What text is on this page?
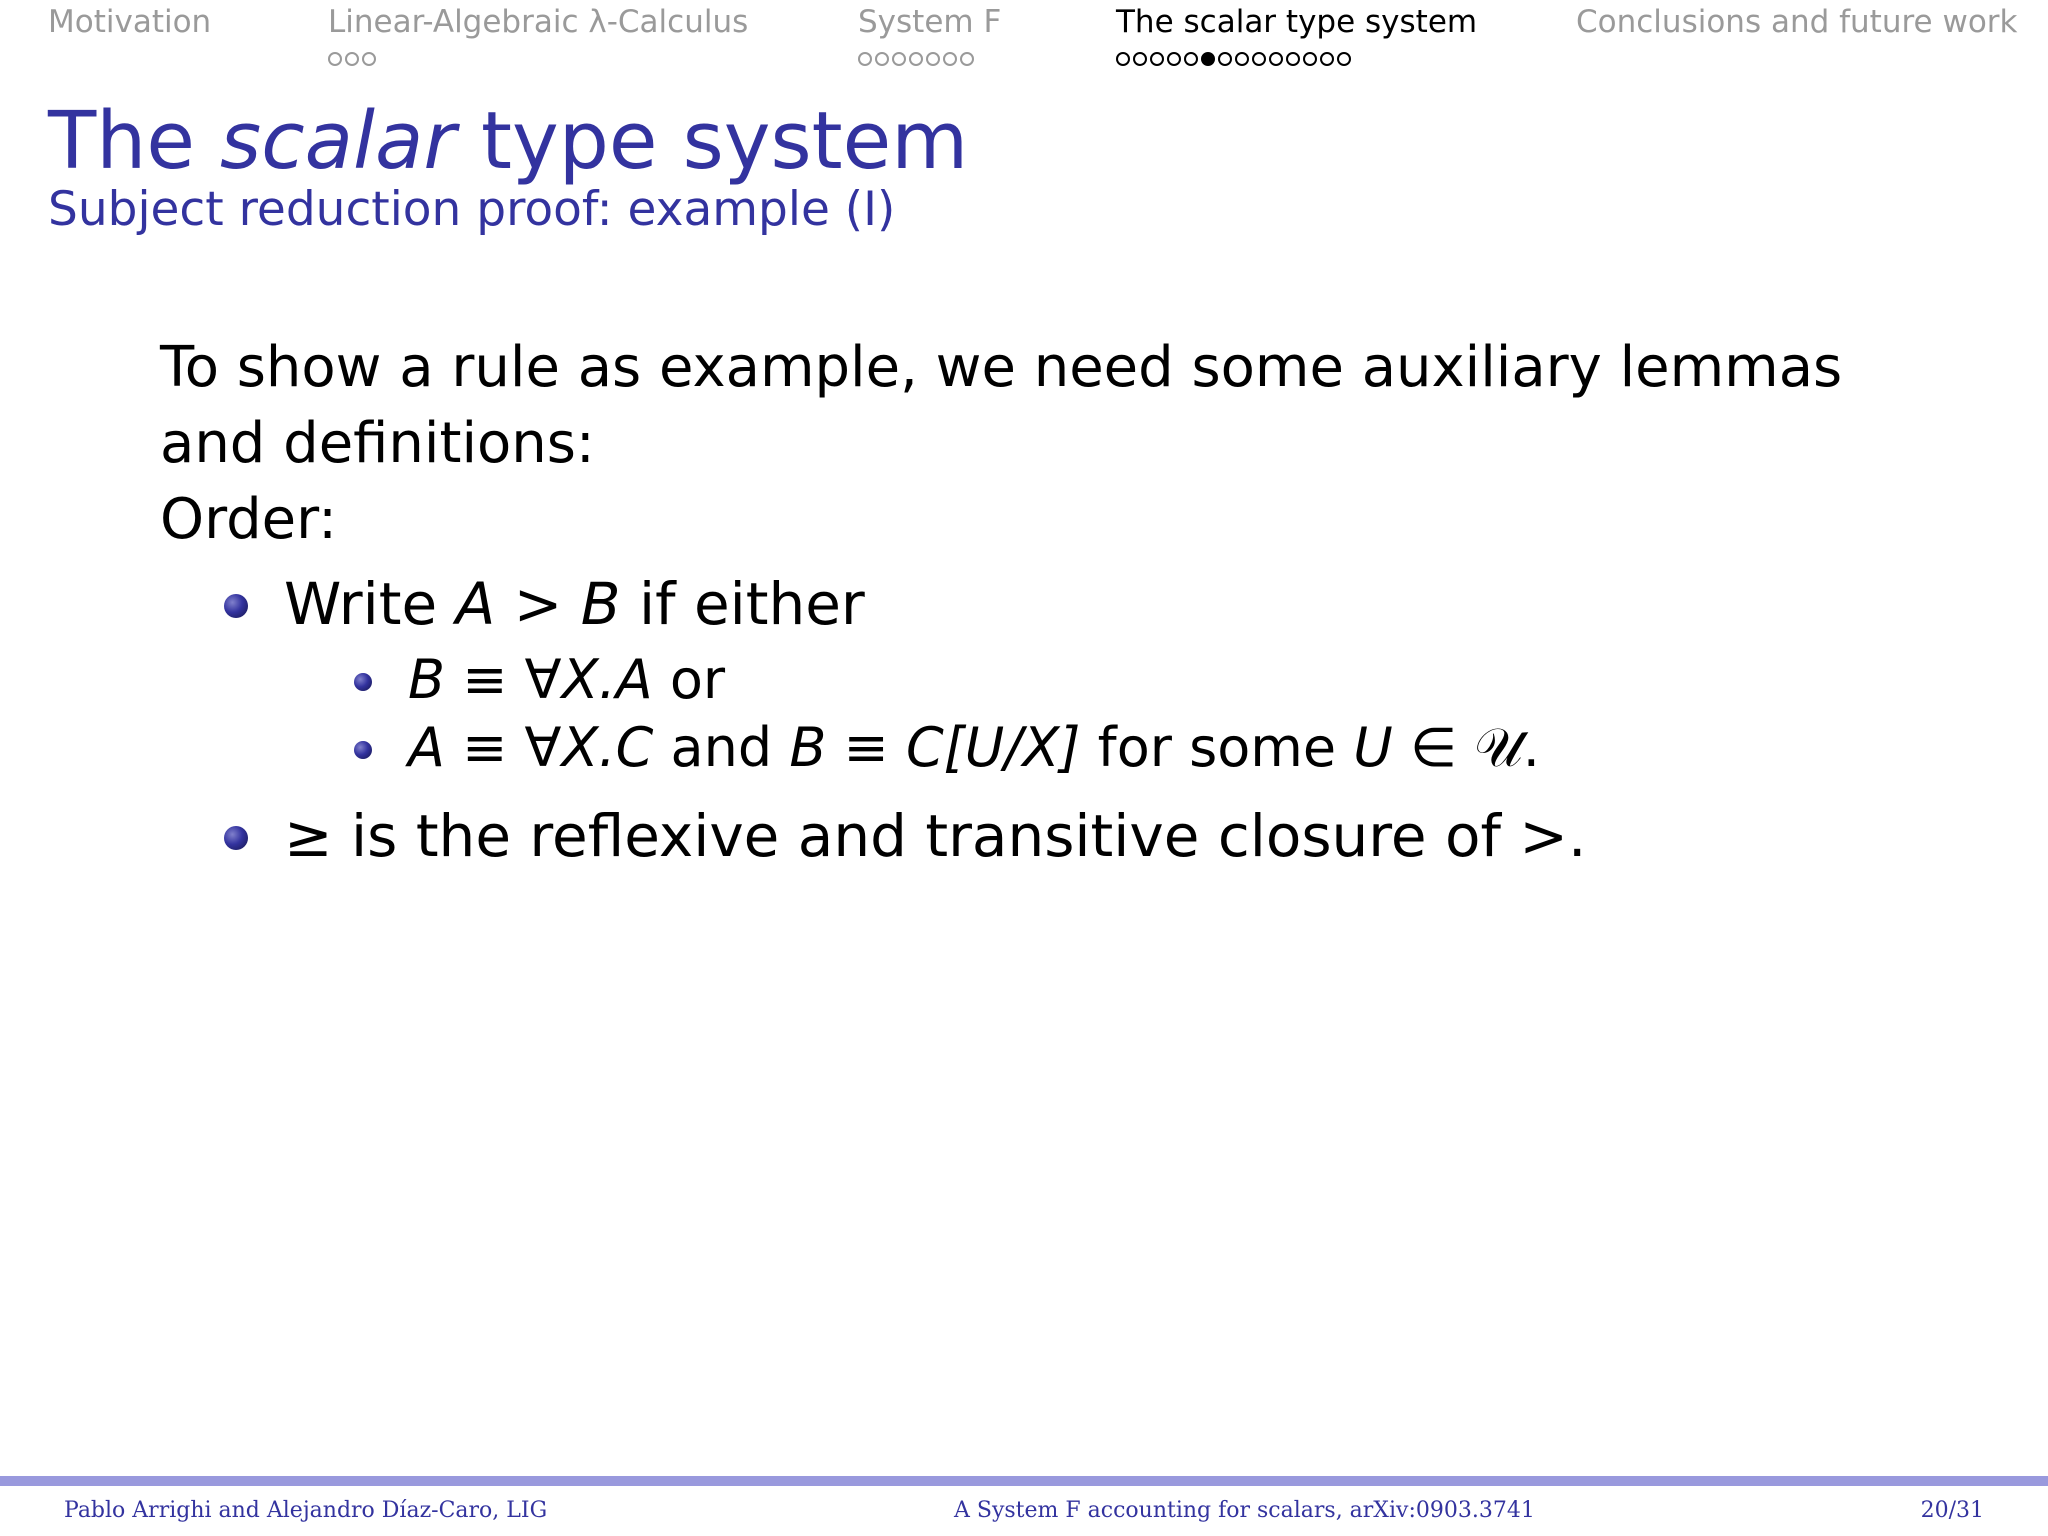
Motivation	Linear-Algebraic λ-Calculus	System F	The scalar type system	Conclusions and future work
The scalar type system
Subject reduction proof: example (I)
To show a rule as example, we need some auxiliary lemmas and definitions:
Order:
Write A > B if either
B ≡ ∀X.A or
A ≡ ∀X.C and B ≡ C[U/X] for some U ∈ 𝒰.
≥ is the reflexive and transitive closure of >.
Pablo Arrighi and Alejandro Díaz-Caro, LIG	A System F accounting for scalars, arXiv:0903.3741	20/31
